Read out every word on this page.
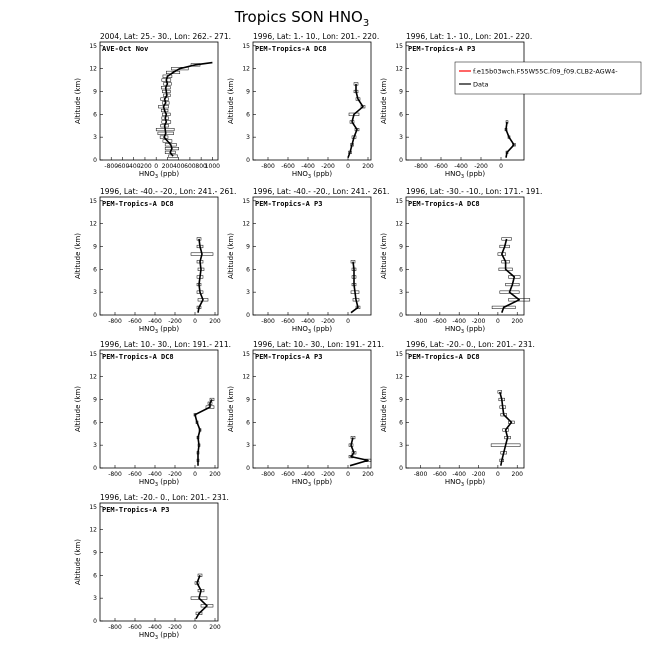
Tropics SON $HNO_3$
2004, Lat: 25.- 30., Lon: 262.- 271.
AVE-Oct Nov
-800
-600
-400
-200 0 200 400 600 800
1000
0
3
6
9
12
15
$HNO_3$ (ppb)
Altitude (km)
1996, Lat: 1.- 10., Lon: 201.- 220.
PEM-Tropics-A DC8
-800 -600 -400 -200 0 200
0
3
6
9
12
15
$HNO_3$ (ppb)
Altitude (km)
1996, Lat: 1.- 10., Lon: 201.- 220.
PEM-Tropics-A P3
-800 -600 -400 -200 0
0
3
6
9
12
15
$HNO_3$ (ppb)
Altitude (km)
1996, Lat: -40.- -20., Lon: 241.- 261.
PEM-Tropics-A DC8
-800 -600 -400 -200 0 200
0
3
6
9
12
15
$HNO_3$ (ppb)
Altitude (km)
1996, Lat: -40.- -20., Lon: 241.- 261.
PEM-Tropics-A P3
-800 -600 -400 -200 0
0
3
6
9
12
15
$HNO_3$ (ppb)
Altitude (km)
1996, Lat: -30.- -10., Lon: 171.- 191.
PEM-Tropics-A DC8
-800 -600 -400 -200 0 200
0
3
6
9
12
15
$HNO_3$ (ppb)
Altitude (km)
1996, Lat: 10.- 30., Lon: 191.- 211.
PEM-Tropics-A DC8
-800 -600 -400 -200 0 200
0
3
6
9
12
15
$HNO_3$ (ppb)
Altitude (km)
1996, Lat: 10.- 30., Lon: 191.- 211.
PEM-Tropics-A P3
-800 -600 -400 -200 0 200
0
3
6
9
12
15
$HNO_3$ (ppb)
Altitude (km)
1996, Lat: -20.- 0., Lon: 201.- 231.
PEM-Tropics-A DC8
-800 -600 -400 -200 0 200
0
3
6
9
12
15
$HNO_3$ (ppb)
Altitude (km)
1996, Lat: -20.- 0., Lon: 201.- 231.
PEM-Tropics-A P3
-800 -600 -400 -200 0 200
0
3
6
9
12
15
$HNO_3$ (ppb)
Altitude (km)
f.e15b03wch.F55W55C.f09_f09.CLB2-AGW4-
Data
